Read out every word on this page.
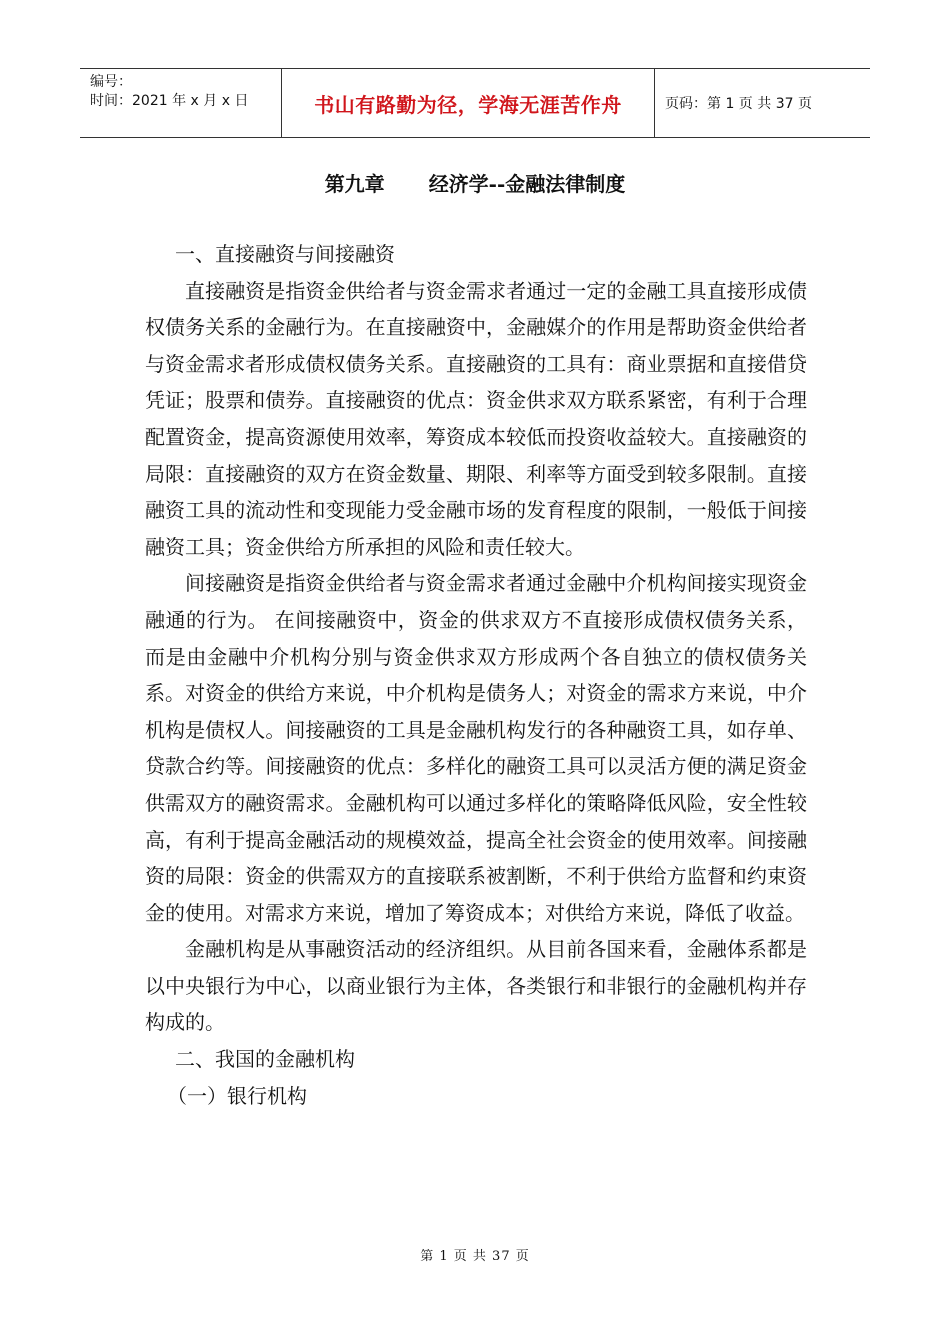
编号：
时间：2021 年 x 月 x 日	书山有路勤为径，学海无涯苦作舟	页码：第 1 页 共 37 页
第九章 经济学--金融法律制度

一、直接融资与间接融资

直接融资是指资金供给者与资金需求者通过一定的金融工具直接形成债权债务关系的金融行为。在直接融资中，金融媒介的作用是帮助资金供给者与资金需求者形成债权债务关系。直接融资的工具有：商业票据和直接借贷凭证；股票和债券。直接融资的优点：资金供求双方联系紧密，有利于合理配置资金，提高资源使用效率，筹资成本较低而投资收益较大。直接融资的局限：直接融资的双方在资金数量、期限、利率等方面受到较多限制。直接融资工具的流动性和变现能力受金融市场的发育程度的限制，一般低于间接融资工具；资金供给方所承担的风险和责任较大。

间接融资是指资金供给者与资金需求者通过金融中介机构间接实现资金融通的行为。 在间接融资中，资金的供求双方不直接形成债权债务关系，而是由金融中介机构分别与资金供求双方形成两个各自独立的债权债务关系。对资金的供给方来说，中介机构是债务人；对资金的需求方来说，中介机构是债权人。间接融资的工具是金融机构发行的各种融资工具，如存单、贷款合约等。间接融资的优点：多样化的融资工具可以灵活方便的满足资金供需双方的融资需求。金融机构可以通过多样化的策略降低风险，安全性较高，有利于提高金融活动的规模效益，提高全社会资金的使用效率。间接融资的局限：资金的供需双方的直接联系被割断，不利于供给方监督和约束资金的使用。对需求方来说，增加了筹资成本；对供给方来说，降低了收益。

金融机构是从事融资活动的经济组织。从目前各国来看，金融体系都是以中央银行为中心，以商业银行为主体，各类银行和非银行的金融机构并存构成的。

二、我国的金融机构

（一）银行机构

第 1 页 共 37 页
